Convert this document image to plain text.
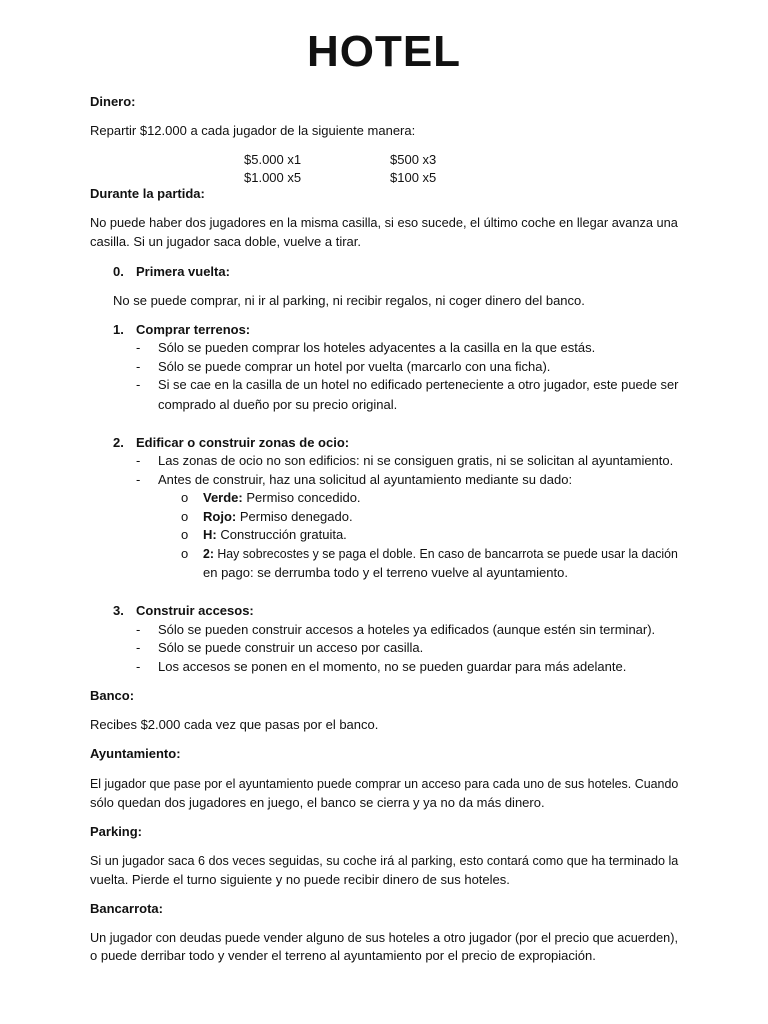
HOTEL
Dinero:
Repartir $12.000 a cada jugador de la siguiente manera:
$5.000 x1	$500 x3
$1.000 x5	$100 x5
Durante la partida:
No puede haber dos jugadores en la misma casilla, si eso sucede, el último coche en llegar avanza una
casilla. Si un jugador saca doble, vuelve a tirar.
0. Primera vuelta:
No se puede comprar, ni ir al parking, ni recibir regalos, ni coger dinero del banco.
1. Comprar terrenos:
- Sólo se pueden comprar los hoteles adyacentes a la casilla en la que estás.
- Sólo se puede comprar un hotel por vuelta (marcarlo con una ficha).
- Si se cae en la casilla de un hotel no edificado perteneciente a otro jugador, este puede ser
comprado al dueño por su precio original.
2. Edificar o construir zonas de ocio:
- Las zonas de ocio no son edificios: ni se consiguen gratis, ni se solicitan al ayuntamiento.
- Antes de construir, haz una solicitud al ayuntamiento mediante su dado:
o Verde: Permiso concedido.
o Rojo: Permiso denegado.
o H: Construcción gratuita.
o 2: Hay sobrecostes y se paga el doble. En caso de bancarrota se puede usar la dación
en pago: se derrumba todo y el terreno vuelve al ayuntamiento.
3. Construir accesos:
- Sólo se pueden construir accesos a hoteles ya edificados (aunque estén sin terminar).
- Sólo se puede construir un acceso por casilla.
- Los accesos se ponen en el momento, no se pueden guardar para más adelante.
Banco:
Recibes $2.000 cada vez que pasas por el banco.
Ayuntamiento:
El jugador que pase por el ayuntamiento puede comprar un acceso para cada uno de sus hoteles. Cuando
sólo quedan dos jugadores en juego, el banco se cierra y ya no da más dinero.
Parking:
Si un jugador saca 6 dos veces seguidas, su coche irá al parking, esto contará como que ha terminado la
vuelta. Pierde el turno siguiente y no puede recibir dinero de sus hoteles.
Bancarrota:
Un jugador con deudas puede vender alguno de sus hoteles a otro jugador (por el precio que acuerden),
o puede derribar todo y vender el terreno al ayuntamiento por el precio de expropiación.
